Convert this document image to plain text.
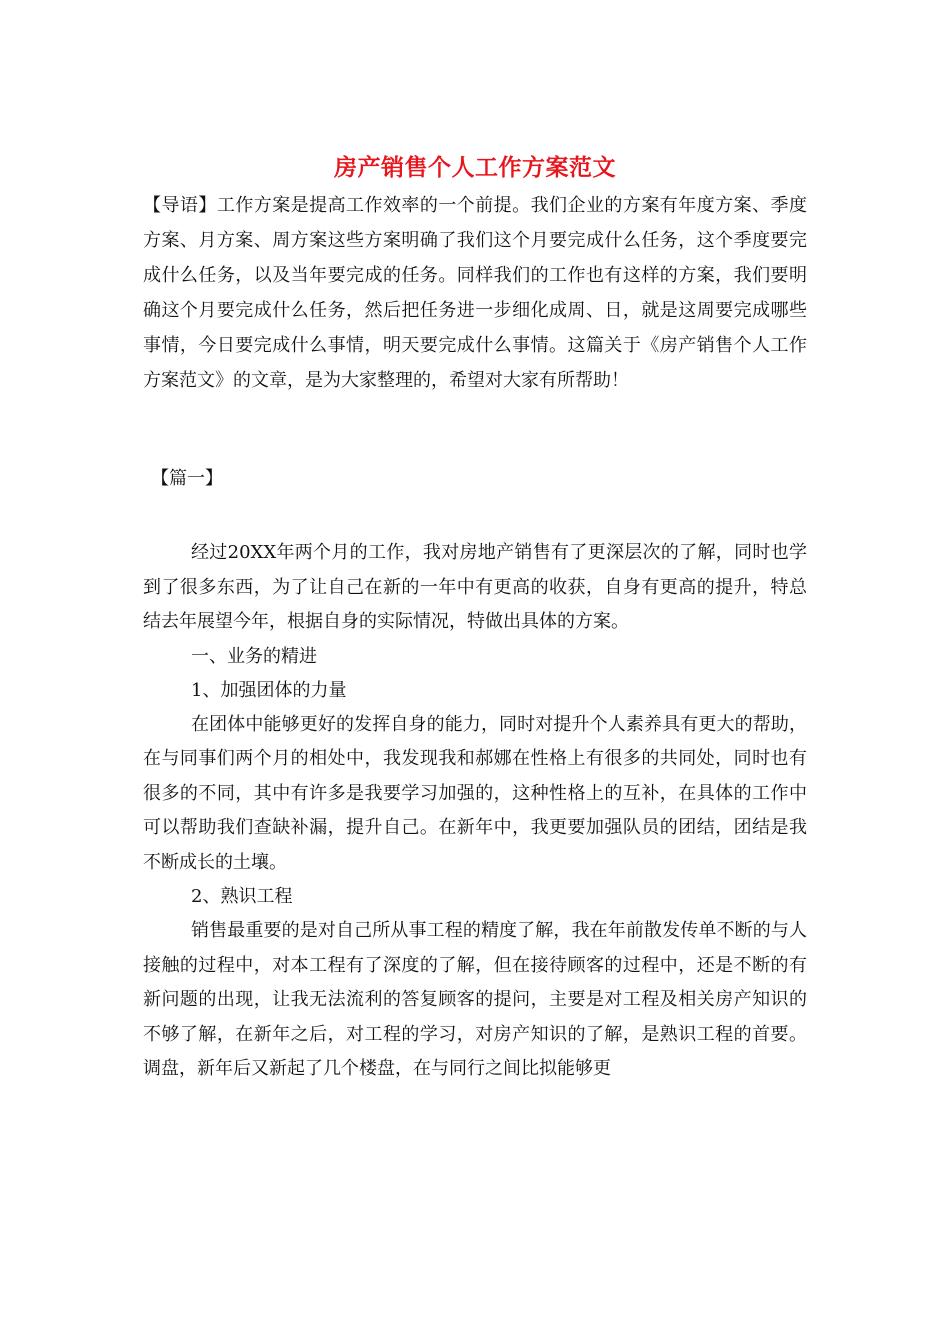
房产销售个人工作方案范文

【导语】工作方案是提高工作效率的一个前提。我们企业的方案有年度方案、季度方案、月方案、周方案这些方案明确了我们这个月要完成什么任务，这个季度要完成什么任务，以及当年要完成的任务。同样我们的工作也有这样的方案，我们要明确这个月要完成什么任务，然后把任务进一步细化成周、日，就是这周要完成哪些事情，今日要完成什么事情，明天要完成什么事情。这篇关于《房产销售个人工作方案范文》的文章，是为大家整理的，希望对大家有所帮助！

【篇一】

经过20XX年两个月的工作，我对房地产销售有了更深层次的了解，同时也学到了很多东西，为了让自己在新的一年中有更高的收获，自身有更高的提升，特总结去年展望今年，根据自身的实际情况，特做出具体的方案。

一、业务的精进

1、加强团体的力量

在团体中能够更好的发挥自身的能力，同时对提升个人素养具有更大的帮助，在与同事们两个月的相处中，我发现我和郝娜在性格上有很多的共同处，同时也有很多的不同，其中有许多是我要学习加强的，这种性格上的互补，在具体的工作中可以帮助我们查缺补漏，提升自己。在新年中，我更要加强队员的团结，团结是我不断成长的土壤。

2、熟识工程

销售最重要的是对自己所从事工程的精度了解，我在年前散发传单不断的与人接触的过程中，对本工程有了深度的了解，但在接待顾客的过程中，还是不断的有新问题的出现，让我无法流利的答复顾客的提问，主要是对工程及相关房产知识的不够了解，在新年之后，对工程的学习，对房产知识的了解，是熟识工程的首要。调盘，新年后又新起了几个楼盘，在与同行之间比拟能够更
